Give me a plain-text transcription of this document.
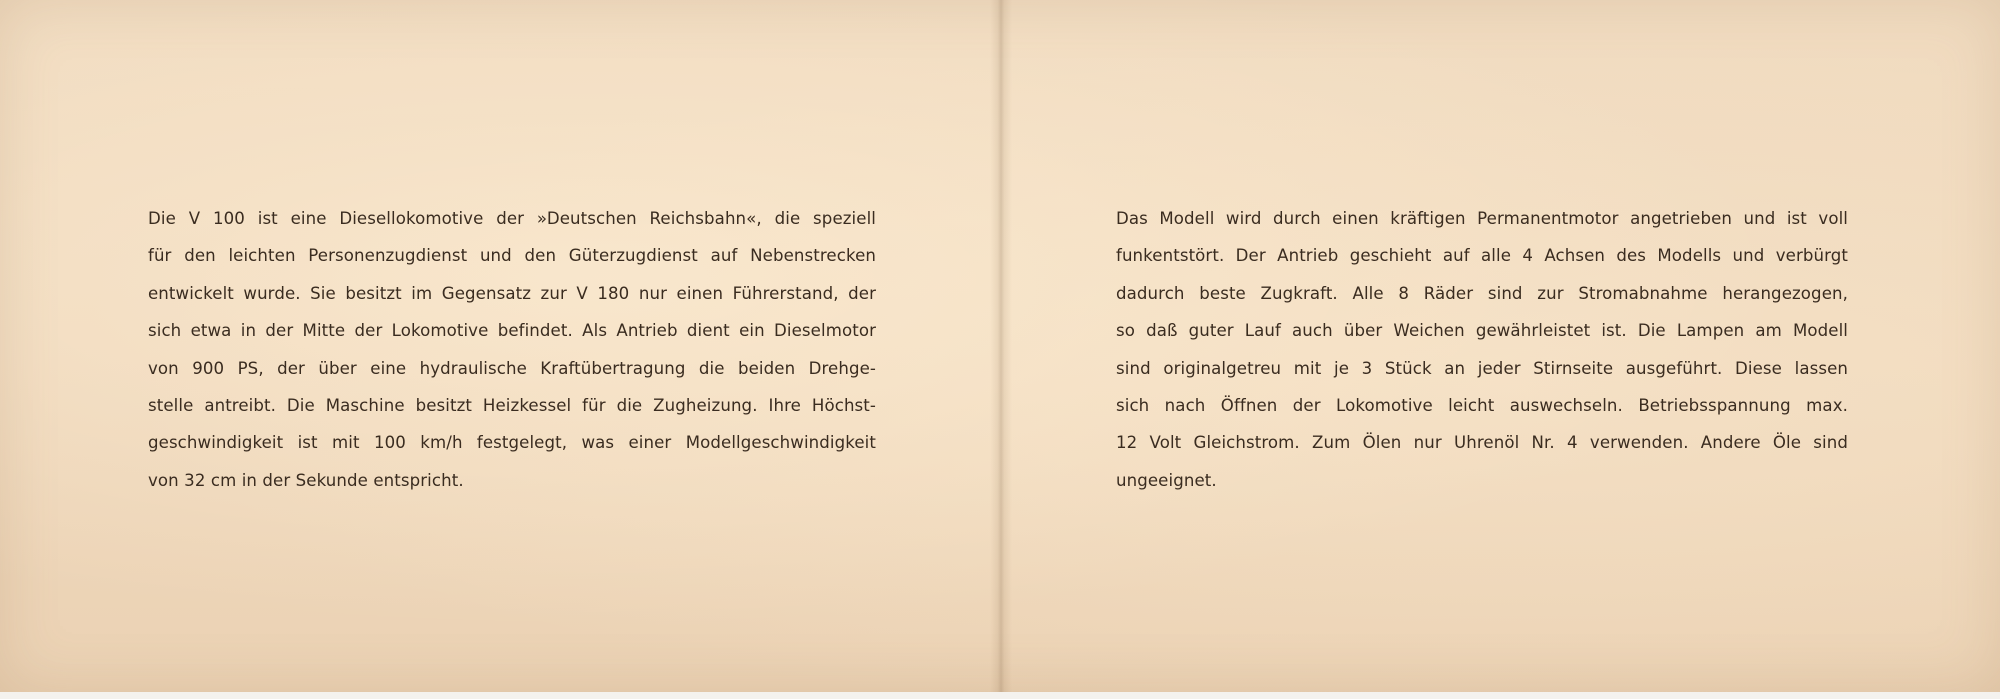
Die V 100 ist eine Diesellokomotive der »Deutschen Reichsbahn«, die speziell
für den leichten Personenzugdienst und den Güterzugdienst auf Nebenstrecken
entwickelt wurde. Sie besitzt im Gegensatz zur V 180 nur einen Führerstand, der
sich etwa in der Mitte der Lokomotive befindet. Als Antrieb dient ein Dieselmotor
von 900 PS, der über eine hydraulische Kraftübertragung die beiden Drehge-
stelle antreibt. Die Maschine besitzt Heizkessel für die Zugheizung. Ihre Höchst-
geschwindigkeit ist mit 100 km/h festgelegt, was einer Modellgeschwindigkeit
von 32 cm in der Sekunde entspricht.
Das Modell wird durch einen kräftigen Permanentmotor angetrieben und ist voll
funkentstört. Der Antrieb geschieht auf alle 4 Achsen des Modells und verbürgt
dadurch beste Zugkraft. Alle 8 Räder sind zur Stromabnahme herangezogen,
so daß guter Lauf auch über Weichen gewährleistet ist. Die Lampen am Modell
sind originalgetreu mit je 3 Stück an jeder Stirnseite ausgeführt. Diese lassen
sich nach Öffnen der Lokomotive leicht auswechseln. Betriebsspannung max.
12 Volt Gleichstrom. Zum Ölen nur Uhrenöl Nr. 4 verwenden. Andere Öle sind
ungeeignet.
